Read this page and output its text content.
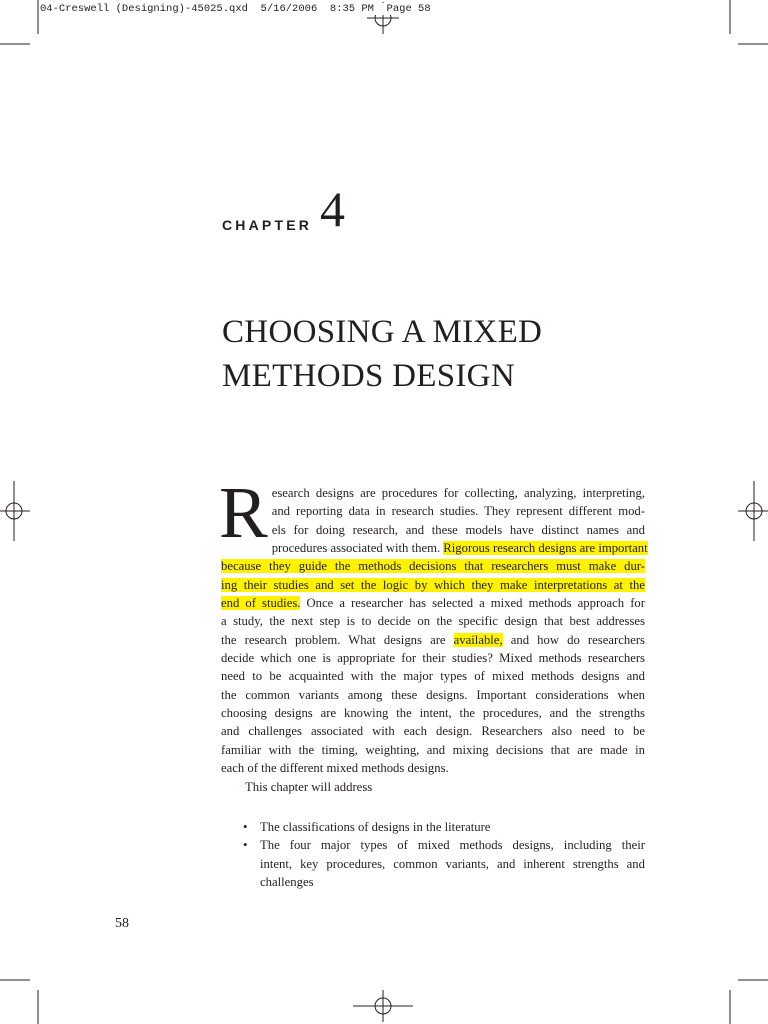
04-Creswell (Designing)-45025.qxd  5/16/2006  8:35 PM  Page 58
CHAPTER 4
CHOOSING A MIXED
METHODS DESIGN
R esearch designs are procedures for collecting, analyzing, interpreting,
and reporting data in research studies. They represent different mod-
els for doing research, and these models have distinct names and
procedures associated with them. Rigorous research designs are important
because they guide the methods decisions that researchers must make dur-
ing their studies and set the logic by which they make interpretations at the
end of studies. Once a researcher has selected a mixed methods approach for
a study, the next step is to decide on the specific design that best addresses
the research problem. What designs are available, and how do researchers
decide which one is appropriate for their studies? Mixed methods researchers
need to be acquainted with the major types of mixed methods designs and
the common variants among these designs. Important considerations when
choosing designs are knowing the intent, the procedures, and the strengths
and challenges associated with each design. Researchers also need to be
familiar with the timing, weighting, and mixing decisions that are made in
each of the different mixed methods designs.
This chapter will address
• The classifications of designs in the literature
• The four major types of mixed methods designs, including their
intent, key procedures, common variants, and inherent strengths and
challenges
58
